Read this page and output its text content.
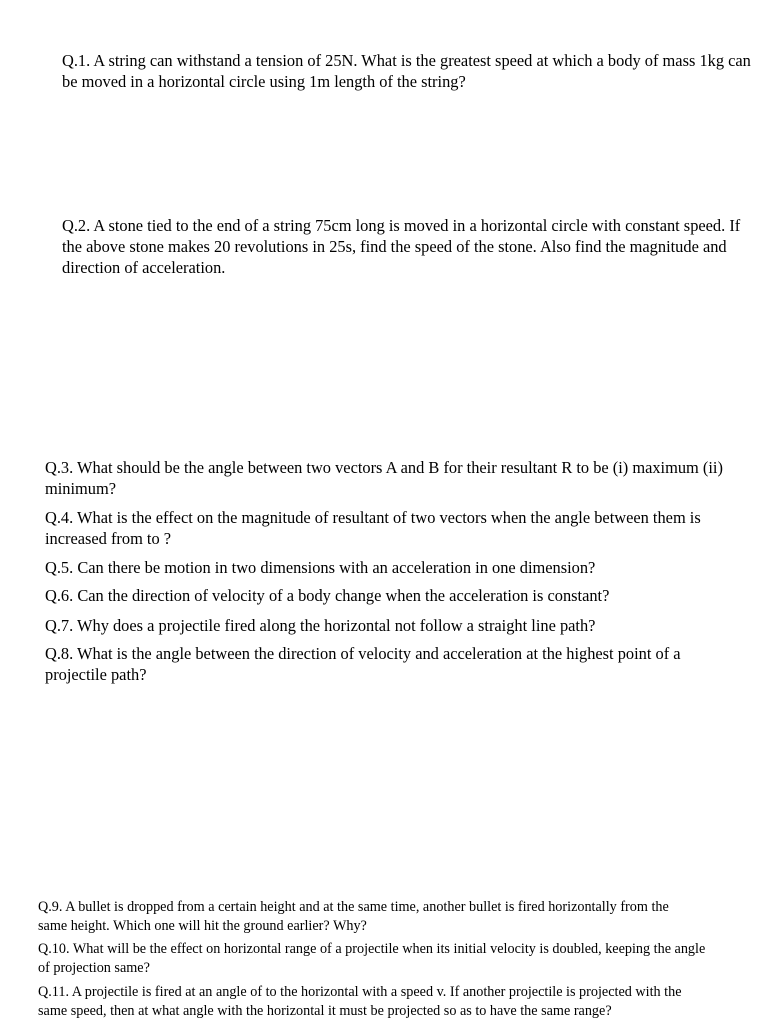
Q.1. A string can withstand a tension of 25N. What is the greatest speed at which a body of mass 1kg can be moved in a horizontal circle using 1m length of the string?

Q.2. A stone tied to the end of a string 75cm long is moved in a horizontal circle with constant speed. If the above stone makes 20 revolutions in 25s, find the speed of the stone. Also find the magnitude and direction of acceleration.

Q.3. What should be the angle between two vectors A and B for their resultant R to be (i) maximum (ii) minimum?

Q.4. What is the effect on the magnitude of resultant of two vectors when the angle between them is increased from to ?

Q.5. Can there be motion in two dimensions with an acceleration in one dimension?

Q.6. Can the direction of velocity of a body change when the acceleration is constant?

Q.7. Why does a projectile fired along the horizontal not follow a straight line path?

Q.8. What is the angle between the direction of velocity and acceleration at the highest point of a projectile path?

Q.9. A bullet is dropped from a certain height and at the same time, another bullet is fired horizontally from the same height. Which one will hit the ground earlier? Why?

Q.10. What will be the effect on horizontal range of a projectile when its initial velocity is doubled, keeping the angle of projection same?

Q.11. A projectile is fired at an angle of to the horizontal with a speed v. If another projectile is projected with the same speed, then at what angle with the horizontal it must be projected so as to have the same range?
